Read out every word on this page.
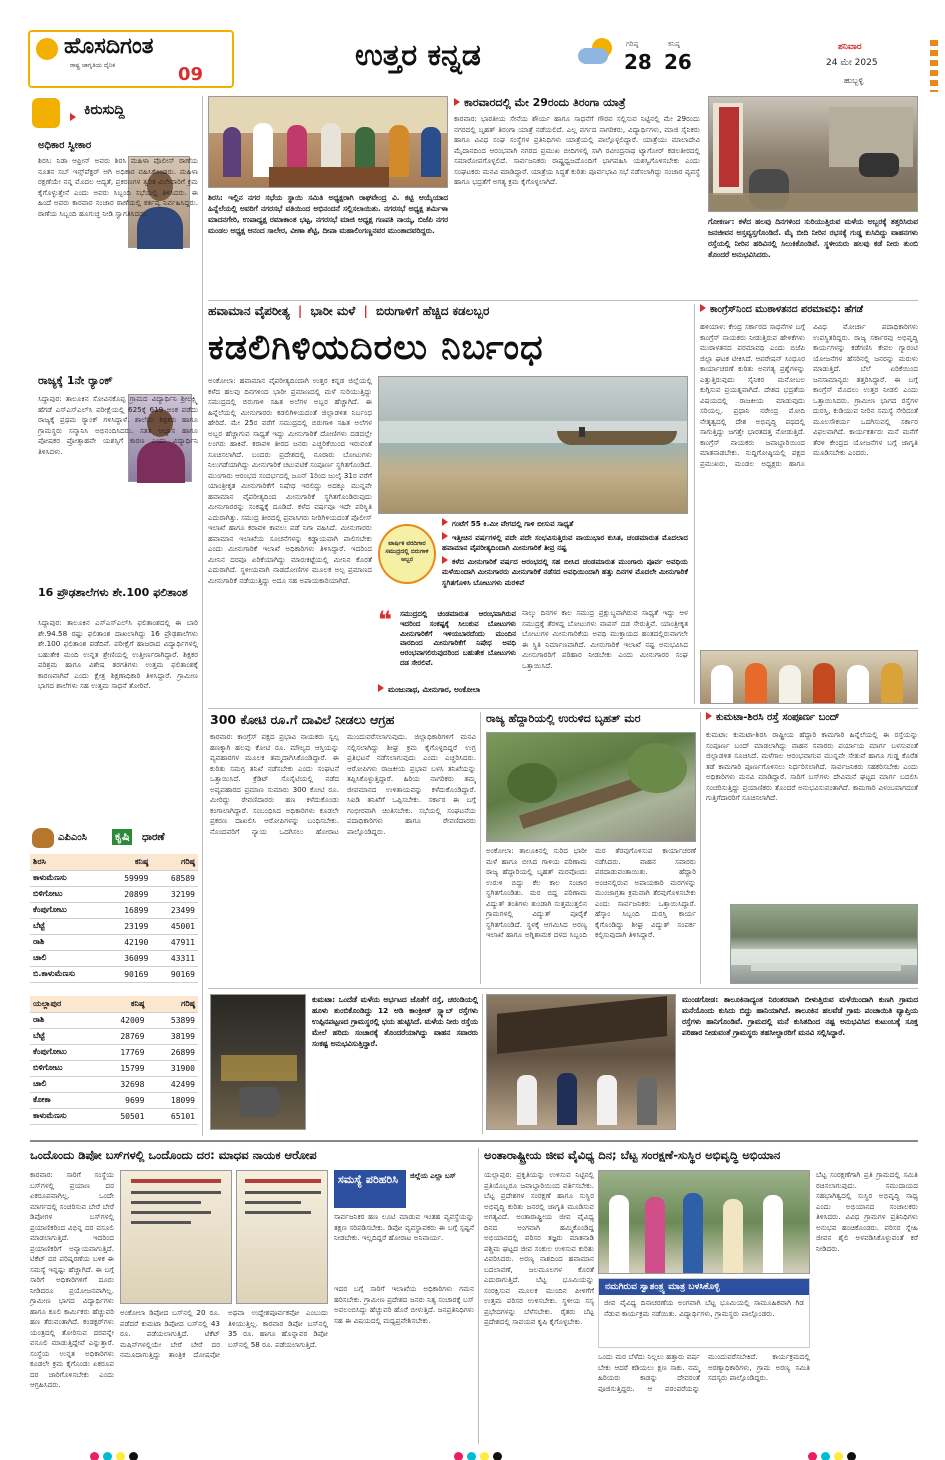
ಹೊಸದಿಗಂತ
ರಾಷ್ಟ್ರ ಜಾಗೃತಿಯ ದೈನಿಕ	09
ಉತ್ತರ ಕನ್ನಡ	ಗರಿಷ್ಠ
28
ಕನಿಷ್ಠ
26
ಶನಿವಾರ
24 ಮೇ 2025
ಹುಬ್ಬಳ್ಳಿ
ಕಿರುಸುದ್ದಿ
ಅಧಿಕಾರ ಸ್ವೀಕಾರ
ಶಿರಸಿ: ನಿಡಾ ಆಫ್ರೀನ್ ಅವರು ಶಿರಸಿ ಮಹಿಳಾ ಪೊಲೀಸ್ ಠಾಣೆಯ ನೂತನ ಸಬ್ ಇನ್ಸ್‌ಪೆಕ್ಟರ್ ಆಗಿ ಅಧಿಕಾರ ವಹಿಸಿಕೊಂಡರು. ಮಹಿಳಾ ರಕ್ಷಣೆಯೇ ನನ್ನ ಮೊದಲ ಆದ್ಯತೆ, ಪ್ರಕರಣಗಳ ತ್ವರಿತ ವಿಲೇವಾರಿಗೆ ಕ್ರಮ ಕೈಗೊಳ್ಳುತ್ತೇನೆ ಎಂದು ಅವರು ಸಿಬ್ಬಂದಿ ಸಭೆಯಲ್ಲಿ ತಿಳಿಸಿದರು. ಈ ಹಿಂದೆ ಅವರು ಕಾರವಾರ ಸಂಚಾರ ಠಾಣೆಯಲ್ಲಿ ಕರ್ತವ್ಯ ನಿರ್ವಹಿಸಿದ್ದರು. ಠಾಣೆಯ ಸಿಬ್ಬಂದಿ ಹೂಗುಚ್ಛ ನೀಡಿ ಸ್ವಾಗತಿಸಿದರು.
ರಾಜ್ಯಕ್ಕೆ 1ನೇ ರ‍್ಯಾಂಕ್
ಸಿದ್ದಾಪುರ: ತಾಲೂಕಿನ ಸೋವಿನಕೊಪ್ಪ ಗ್ರಾಮದ ವಿದ್ಯಾರ್ಥಿನಿ ಶ್ರೀಲಕ್ಷ್ಮಿ ಹೆಗಡೆ ಎಸ್‌ಎಸ್‌ಎಲ್‌ಸಿ ಪರೀಕ್ಷೆಯಲ್ಲಿ 625ಕ್ಕೆ 619 ಅಂಕ ಪಡೆದು ರಾಜ್ಯಕ್ಕೆ ಪ್ರಥಮ ರ‍್ಯಾಂಕ್ ಗಳಿಸಿದ್ದಾಳೆ. ಶಾಲೆಯ ಶಿಕ್ಷಕರು ಹಾಗೂ ಗ್ರಾಮಸ್ಥರು ಸನ್ಮಾನಿಸಿ ಅಭಿನಂದಿಸಿದರು. ಸತತ ಅಭ್ಯಾಸ ಹಾಗೂ ಪೋಷಕರ ಪ್ರೋತ್ಸಾಹವೇ ಯಶಸ್ಸಿಗೆ ಕಾರಣ ಎಂದು ವಿದ್ಯಾರ್ಥಿನಿ ತಿಳಿಸಿದಳು.
16 ಪ್ರೌಢಶಾಲೆಗಳು ಶೇ.100 ಫಲಿತಾಂಶ
ಸಿದ್ದಾಪುರ: ತಾಲೂಕಿನ ಎಸ್‌ಎಸ್‌ಎಲ್‌ಸಿ ಫಲಿತಾಂಶದಲ್ಲಿ ಈ ಬಾರಿ ಶೇ.94.58 ರಷ್ಟು ಫಲಿತಾಂಶ ದಾಖಲಾಗಿದ್ದು 16 ಪ್ರೌಢಶಾಲೆಗಳು ಶೇ.100 ಫಲಿತಾಂಶ ಪಡೆದಿವೆ. ಪರೀಕ್ಷೆಗೆ ಹಾಜರಾದ ವಿದ್ಯಾರ್ಥಿಗಳಲ್ಲಿ ಬಹುತೇಕ ಮಂದಿ ಉನ್ನತ ಶ್ರೇಣಿಯಲ್ಲಿ ಉತ್ತೀರ್ಣರಾಗಿದ್ದಾರೆ. ಶಿಕ್ಷಕರ ಪರಿಶ್ರಮ ಹಾಗೂ ವಿಶೇಷ ತರಗತಿಗಳು ಉತ್ತಮ ಫಲಿತಾಂಶಕ್ಕೆ ಕಾರಣವಾಗಿವೆ ಎಂದು ಕ್ಷೇತ್ರ ಶಿಕ್ಷಣಾಧಿಕಾರಿ ತಿಳಿಸಿದ್ದಾರೆ. ಗ್ರಾಮೀಣ ಭಾಗದ ಶಾಲೆಗಳು ಸಹ ಉತ್ತಮ ಸಾಧನೆ ತೋರಿವೆ.
ಎಪಿಎಂಸಿ	ಕೃಷಿ	ಧಾರಣೆ
ಶಿರಸಿ	ಕನಿಷ್ಠ	ಗರಿಷ್ಠ
ಕಾಳುಮೆಣಸು	59999	68589
ಬಿಳಿಗೋಟು	20899	32199
ಕೆಂಪುಗೋಟು	16899	23499
ಬೆಟ್ಟೆ	23199	45001
ರಾಶಿ	42190	47911
ಚಾಲಿ	36099	43311
ಬಿ.ಕಾಳುಮೆಣಸು	90169	90169
ಯಲ್ಲಾಪುರ	ಕನಿಷ್ಠ	ಗರಿಷ್ಠ
ರಾಶಿ	42009	53899
ಬೆಟ್ಟೆ	28769	38199
ಕೆಂಪುಗೋಟು	17769	26899
ಬಿಳಿಗೋಟು	15799	31900
ಚಾಲಿ	32698	42499
ಕೋಕಾ	9699	18099
ಕಾಳುಮೆಣಸು	50501	65101
ಶಿರಸಿ: ಇಲ್ಲಿನ ನಗರ ಸಭೆಯ ಸ್ಥಾಯಿ ಸಮಿತಿ ಅಧ್ಯಕ್ಷರಾಗಿ ರಾಘವೇಂದ್ರ ವಿ. ಕಟ್ಟಿ ಆಯ್ಕೆಯಾದ ಹಿನ್ನೆಲೆಯಲ್ಲಿ ಅವರಿಗೆ ನಗರಸಭೆ ವತಿಯಿಂದ ಅಭಿನಂದನೆ ಸಲ್ಲಿಸಲಾಯಿತು. ನಗರಸಭೆ ಅಧ್ಯಕ್ಷ ಶರ್ಮಿಳಾ ಮಾದನಗೇರಿ, ಉಪಾಧ್ಯಕ್ಷ ರಮಾಕಾಂತ ಭಟ್ಟ, ನಗರಸಭೆ ಮಾಜಿ ಅಧ್ಯಕ್ಷ ಗಣಪತಿ ನಾಯ್ಕ, ಬಿಜೆಪಿ ನಗರ ಮಂಡಲ ಅಧ್ಯಕ್ಷ ಆನಂದ ಸಾಲೇರ, ವೀಣಾ ಶೆಟ್ಟಿ, ದೀಪಾ ಮಹಾಲಿಂಗಣ್ಣನವರ ಮುಂತಾದವರಿದ್ದರು.
ಕಾರವಾರದಲ್ಲಿ ಮೇ 29ರಂದು ತಿರಂಗಾ ಯಾತ್ರೆ
ಕಾರವಾರ: ಭಾರತೀಯ ಸೇನೆಯ ಶೌರ್ಯ ಹಾಗೂ ಸಾಧನೆಗೆ ಗೌರವ ಸಲ್ಲಿಸುವ ನಿಟ್ಟಿನಲ್ಲಿ ಮೇ 29ರಂದು ನಗರದಲ್ಲಿ ಬೃಹತ್ ತಿರಂಗಾ ಯಾತ್ರೆ ನಡೆಯಲಿದೆ. ಎಲ್ಲ ವರ್ಗದ ನಾಗರಿಕರು, ವಿದ್ಯಾರ್ಥಿಗಳು, ಮಾಜಿ ಸೈನಿಕರು ಹಾಗೂ ವಿವಿಧ ಸಂಘ ಸಂಸ್ಥೆಗಳ ಪ್ರತಿನಿಧಿಗಳು ಯಾತ್ರೆಯಲ್ಲಿ ಪಾಲ್ಗೊಳ್ಳಲಿದ್ದಾರೆ. ಯಾತ್ರೆಯು ಮಾಲಾದೇವಿ ಮೈದಾನದಿಂದ ಆರಂಭವಾಗಿ ನಗರದ ಪ್ರಮುಖ ಬೀದಿಗಳಲ್ಲಿ ಸಾಗಿ ರವೀಂದ್ರನಾಥ ಟ್ಯಾಗೋರ್ ಕಡಲತೀರದಲ್ಲಿ ಸಮಾರೋಪಗೊಳ್ಳಲಿದೆ. ಸಾರ್ವಜನಿಕರು ರಾಷ್ಟ್ರಧ್ವಜದೊಂದಿಗೆ ಭಾಗವಹಿಸಿ ಯಶಸ್ವಿಗೊಳಿಸಬೇಕು ಎಂದು ಸಂಘಟಕರು ಮನವಿ ಮಾಡಿದ್ದಾರೆ. ಯಾತ್ರೆಯ ಸಿದ್ಧತೆ ಕುರಿತು ಪೂರ್ವಭಾವಿ ಸಭೆ ನಡೆಸಲಾಗಿದ್ದು ಸಂಚಾರ ವ್ಯವಸ್ಥೆ ಹಾಗೂ ಭದ್ರತೆಗೆ ಅಗತ್ಯ ಕ್ರಮ ಕೈಗೊಳ್ಳಲಾಗಿದೆ.
ಗೋಕರ್ಣ: ಕಳೆದ ಹಲವು ದಿನಗಳಿಂದ ಸುರಿಯುತ್ತಿರುವ ಮಳೆಯ ಅಬ್ಬರಕ್ಕೆ ತತ್ತರಿಸಿರುವ ಜನಜೀವನ ಅಸ್ತವ್ಯಸ್ತಗೊಂಡಿದೆ. ಮೈ ಬೀದಿ ನೀರಿನ ರಭಸಕ್ಕೆ ಗುಡ್ಡ ಕುಸಿದಿದ್ದು ವಾಹನಗಳು ರಸ್ತೆಯಲ್ಲಿ ನೀರಿನ ಹರಿವಿನಲ್ಲಿ ಸಿಲುಕಿಕೊಂಡಿವೆ. ಸ್ಥಳೀಯರು ಹಲವು ಕಡೆ ನೀರು ತುಂಬಿ ತೊಂದರೆ ಅನುಭವಿಸಿದರು.
ಹವಾಮಾನ ವೈಪರೀತ್ಯ | ಭಾರೀ ಮಳೆ | ಬಿರುಗಾಳಿಗೆ ಹೆಚ್ಚಿದ ಕಡಲಬ್ಬರ
ಕಡಲಿಗಿಳಿಯದಿರಲು ನಿರ್ಬಂಧ
ಅಂಕೋಲಾ: ಹವಾಮಾನ ವೈಪರೀತ್ಯದಿಂದಾಗಿ ಉತ್ತರ ಕನ್ನಡ ಜಿಲ್ಲೆಯಲ್ಲಿ ಕಳೆದ ಹಲವು ದಿನಗಳಿಂದ ಭಾರೀ ಪ್ರಮಾಣದಲ್ಲಿ ಮಳೆ ಸುರಿಯುತ್ತಿದ್ದು ಸಮುದ್ರದಲ್ಲಿ ಬಿರುಗಾಳಿ ಸಹಿತ ಅಲೆಗಳ ಅಬ್ಬರ ಹೆಚ್ಚಾಗಿದೆ. ಈ ಹಿನ್ನೆಲೆಯಲ್ಲಿ ಮೀನುಗಾರರು ಕಡಲಿಗಿಳಿಯದಂತೆ ಜಿಲ್ಲಾಡಳಿತ ನಿರ್ಬಂಧ ಹೇರಿದೆ. ಮೇ 25ರ ವರೆಗೆ ಸಮುದ್ರದಲ್ಲಿ ಬಿರುಗಾಳಿ ಸಹಿತ ಅಲೆಗಳ ಅಬ್ಬರ ಹೆಚ್ಚಾಗುವ ಸಾಧ್ಯತೆ ಇದ್ದು ಮೀನುಗಾರಿಕೆ ದೋಣಿಗಳು ದಡದಲ್ಲೇ ಲಂಗರು ಹಾಕಿವೆ. ಕರಾವಳಿ ತೀರದ ಜನರು ಎಚ್ಚರಿಕೆಯಿಂದ ಇರುವಂತೆ ಸೂಚಿಸಲಾಗಿದೆ. ಬಂದರು ಪ್ರದೇಶದಲ್ಲಿ ನೂರಾರು ಬೋಟುಗಳು ನಿಲುಗಡೆಯಾಗಿದ್ದು ಮೀನುಗಾರಿಕೆ ಚಟುವಟಿಕೆ ಸಂಪೂರ್ಣ ಸ್ಥಗಿತಗೊಂಡಿದೆ. ಮುಂಗಾರು ಆರಂಭದ ಸಂದರ್ಭದಲ್ಲಿ ಜೂನ್ 1ರಿಂದ ಜುಲೈ 31ರ ವರೆಗೆ ಯಾಂತ್ರೀಕೃತ ಮೀನುಗಾರಿಕೆಗೆ ನಿಷೇಧ ಇರಲಿದ್ದು ಅದಕ್ಕೂ ಮುನ್ನವೇ ಹವಾಮಾನ ವೈಪರೀತ್ಯದಿಂದ ಮೀನುಗಾರಿಕೆ ಸ್ಥಗಿತಗೊಂಡಿರುವುದು ಮೀನುಗಾರರನ್ನು ಸಂಕಷ್ಟಕ್ಕೆ ದೂಡಿದೆ. ಕಳೆದ ವರ್ಷವೂ ಇದೇ ಪರಿಸ್ಥಿತಿ ಎದುರಾಗಿತ್ತು. ಸಮುದ್ರ ತೀರದಲ್ಲಿ ಪ್ರವಾಸಿಗರು ನೀರಿಗಿಳಿಯದಂತೆ ಪೊಲೀಸ್ ಇಲಾಖೆ ಹಾಗೂ ಕರಾವಳಿ ಕಾವಲು ಪಡೆ ನಿಗಾ ವಹಿಸಿದೆ. ಮೀನುಗಾರರು ಹವಾಮಾನ ಇಲಾಖೆಯ ಸೂಚನೆಗಳನ್ನು ಕಡ್ಡಾಯವಾಗಿ ಪಾಲಿಸಬೇಕು ಎಂದು ಮೀನುಗಾರಿಕೆ ಇಲಾಖೆ ಅಧಿಕಾರಿಗಳು ತಿಳಿಸಿದ್ದಾರೆ. ಇದರಿಂದ ಮೀನಿನ ದರವೂ ಏರಿಕೆಯಾಗಿದ್ದು ಮಾರುಕಟ್ಟೆಯಲ್ಲಿ ಮೀನಿನ ಕೊರತೆ ಎದುರಾಗಿದೆ. ಸ್ಥಳೀಯವಾಗಿ ನಾಡದೋಣಿಗಳ ಮೂಲಕ ಅಲ್ಪ ಪ್ರಮಾಣದ ಮೀನುಗಾರಿಕೆ ನಡೆಯುತ್ತಿದ್ದು ಅದೂ ಸಹ ಅಪಾಯಕಾರಿಯಾಗಿದೆ.
ವಾರ್ಷಿಕ ವರದಿಗಾರ ಸಮುದ್ರದಲ್ಲಿ ಬಿರುಗಾಳಿ ಅಬ್ಬರ
ಗಂಟೆಗೆ 55 ಕಿ.ಮೀ ವೇಗದಲ್ಲಿ ಗಾಳಿ ಬೀಸುವ ಸಾಧ್ಯತೆ
ಇತ್ತೀಚಿನ ವರ್ಷಗಳಲ್ಲಿ ಪದೇ ಪದೇ ಸಂಭವಿಸುತ್ತಿರುವ ವಾಯುಭಾರ ಕುಸಿತ, ಚಂಡಮಾರುತ ಮೊದಲಾದ ಹವಾಮಾನ ವೈಪರೀತ್ಯದಿಂದಾಗಿ ಮೀನುಗಾರಿಕೆ ತೀವ್ರ ನಷ್ಟ
ಕಳೆದ ಮೀನುಗಾರಿಕೆ ವರ್ಷದ ಆರಂಭದಲ್ಲಿ ಸಹ ಬೀಸಿದ ಚಂಡಮಾರುತ ಮುಂಗಾರು ಪೂರ್ವ ಅವಧಿಯ ಮಳೆಯಿಂದಾಗಿ ಮೀನುಗಾರರು ಮೀನುಗಾರಿಕೆ ನಡೆಸದ ಅವಧಿಯಿಂದಾಗಿ ಹತ್ತು ದಿನಗಳ ಮೊದಲೇ ಮೀನುಗಾರಿಕೆ ಸ್ಥಗಿತಗೊಳಿಸಿ ಬೋಟುಗಳು ಮರಳಿವೆ
❝ ಸಮುದ್ರದಲ್ಲಿ ಚಂಡಮಾರುತ ಆರಂಭವಾಗಿರುವ ಇದರಿಂದ ಸಂಕಷ್ಟಕ್ಕೆ ಸಿಲುಕುವ ಬೋಟುಗಳು ಮೀನುಗಾರಿಕೆಗೆ ಇಳಿಯಬಾರದೆಂದು ಮುಂದಿನ ವಾರದಿಂದ ಮೀನುಗಾರಿಕೆಗೆ ನಿಷೇಧ ಅವಧಿ ಆರಂಭವಾಗಲಿರುವುದರಿಂದ ಬಹುತೇಕ ಬೋಟುಗಳು ದಡ ಸೇರಲಿವೆ.
ಮಂಜುನಾಥ, ಮೀನುಗಾರ, ಅಂಕೋಲಾ
ನಾಲ್ಕು ದಿನಗಳ ಕಾಲ ಸಮುದ್ರ ಪ್ರಕ್ಷುಬ್ಧವಾಗಿರುವ ಸಾಧ್ಯತೆ ಇದ್ದು ಆಳ ಸಮುದ್ರಕ್ಕೆ ತೆರಳಿದ್ದ ಬೋಟುಗಳು ವಾಪಸ್ ದಡ ಸೇರುತ್ತಿವೆ. ಯಾಂತ್ರೀಕೃತ ಬೋಟುಗಳ ಮೀನುಗಾರಿಕೆಯ ಅವಧಿ ಮುಕ್ತಾಯದ ಹಂತದಲ್ಲಿರುವಾಗಲೇ ಈ ಸ್ಥಿತಿ ನಿರ್ಮಾಣವಾಗಿದೆ. ಮೀನುಗಾರಿಕೆ ಇಲಾಖೆ ನಷ್ಟ ಅನುಭವಿಸಿದ ಮೀನುಗಾರರಿಗೆ ಪರಿಹಾರ ನೀಡಬೇಕು ಎಂದು ಮೀನುಗಾರರ ಸಂಘ ಒತ್ತಾಯಿಸಿದೆ.
ಕಾಂಗ್ರೆಸ್‌ನಿಂದ ಮುಠಾಳತನದ ಪರಮಾವಧಿ: ಹೆಗಡೆ
ಹಳಿಯಾಳ: ಕೇಂದ್ರ ಸರ್ಕಾರದ ಸಾಧನೆಗಳ ಬಗ್ಗೆ ಕಾಂಗ್ರೆಸ್ ನಾಯಕರು ನೀಡುತ್ತಿರುವ ಹೇಳಿಕೆಗಳು ಮುಠಾಳತನದ ಪರಮಾವಧಿ ಎಂದು ಬಿಜೆಪಿ ಜಿಲ್ಲಾ ಘಟಕ ಟೀಕಿಸಿದೆ. ಆಪರೇಷನ್ ಸಿಂಧೂರ ಕಾರ್ಯಾಚರಣೆ ಕುರಿತು ಅನಗತ್ಯ ಪ್ರಶ್ನೆಗಳನ್ನು ಎತ್ತುತ್ತಿರುವುದು ಸೈನಿಕರ ಮನೋಬಲ ಕುಗ್ಗಿಸುವ ಪ್ರಯತ್ನವಾಗಿದೆ. ದೇಶದ ಭದ್ರತೆಯ ವಿಷಯದಲ್ಲಿ ರಾಜಕೀಯ ಮಾಡುವುದು ಸರಿಯಲ್ಲ. ಪ್ರಧಾನಿ ನರೇಂದ್ರ ಮೋದಿ ನೇತೃತ್ವದಲ್ಲಿ ದೇಶ ಅಭಿವೃದ್ಧಿ ಪಥದಲ್ಲಿ ಸಾಗುತ್ತಿದ್ದು ಜಗತ್ತೇ ಭಾರತದತ್ತ ನೋಡುತ್ತಿದೆ. ಕಾಂಗ್ರೆಸ್ ನಾಯಕರು ಜವಾಬ್ದಾರಿಯಿಂದ ಮಾತನಾಡಬೇಕು. ಸುದ್ದಿಗೋಷ್ಠಿಯಲ್ಲಿ ಪಕ್ಷದ ಪ್ರಮುಖರು, ಮಂಡಲ ಅಧ್ಯಕ್ಷರು ಹಾಗೂ ವಿವಿಧ ಮೋರ್ಚಾ ಪದಾಧಿಕಾರಿಗಳು ಉಪಸ್ಥಿತರಿದ್ದರು. ರಾಜ್ಯ ಸರ್ಕಾರವು ಅಭಿವೃದ್ಧಿ ಕಾರ್ಯಗಳನ್ನು ಕಡೆಗಣಿಸಿ ಕೇವಲ ಗ್ಯಾರಂಟಿ ಯೋಜನೆಗಳ ಹೆಸರಿನಲ್ಲಿ ಜನರನ್ನು ಮರುಳು ಮಾಡುತ್ತಿದೆ. ಬೆಲೆ ಏರಿಕೆಯಿಂದ ಜನಸಾಮಾನ್ಯರು ತತ್ತರಿಸಿದ್ದಾರೆ. ಈ ಬಗ್ಗೆ ಕಾಂಗ್ರೆಸ್ ಮೊದಲು ಉತ್ತರ ನೀಡಲಿ ಎಂದು ಒತ್ತಾಯಿಸಿದರು. ಗ್ರಾಮೀಣ ಭಾಗದ ರಸ್ತೆಗಳ ದುರಸ್ತಿ, ಕುಡಿಯುವ ನೀರಿನ ಸಮಸ್ಯೆ ಸೇರಿದಂತೆ ಮೂಲಸೌಕರ್ಯ ಒದಗಿಸುವಲ್ಲಿ ಸರ್ಕಾರ ವಿಫಲವಾಗಿದೆ. ಕಾರ್ಯಕರ್ತರು ಮನೆ ಮನೆಗೆ ತೆರಳಿ ಕೇಂದ್ರದ ಯೋಜನೆಗಳ ಬಗ್ಗೆ ಜಾಗೃತಿ ಮೂಡಿಸಬೇಕು ಎಂದರು.
300 ಕೋಟಿ ರೂ.ಗೆ ದಾವಿಲೆ ನೀಡಲು ಆಗ್ರಹ
ಕಾರವಾರ: ಕಾಂಗ್ರೆಸ್ ಪಕ್ಷದ ಪ್ರಭಾವಿ ನಾಯಕರು ಸ್ವಲ್ಪ ಹಣಕ್ಕಾಗಿ ಹಲವು ಕೋಟಿ ರೂ. ಮೌಲ್ಯದ ಆಸ್ತಿಯನ್ನು ವ್ಯವಹಾರಗಳ ಮೂಲಕ ತಮ್ಮದಾಗಿಸಿಕೊಂಡಿದ್ದಾರೆ. ಈ ಕುರಿತು ಸಮಗ್ರ ತನಿಖೆ ನಡೆಸಬೇಕು ಎಂದು ಸಂಘಟನೆ ಒತ್ತಾಯಿಸಿದೆ. ಕ್ರೆಡಿಟ್ ಸೊಸೈಟಿಯಲ್ಲಿ ನಡೆದ ಅವ್ಯವಹಾರದ ಪ್ರಮಾಣ ಸುಮಾರು 300 ಕೋಟಿ ರೂ. ಮೀರಿದ್ದು ಠೇವಣಿದಾರರು ಹಣ ಕಳೆದುಕೊಂಡು ಕಂಗಾಲಾಗಿದ್ದಾರೆ. ಸಂಬಂಧಿಸಿದ ಅಧಿಕಾರಿಗಳು ಕೂಡಲೇ ಪ್ರಕರಣ ದಾಖಲಿಸಿ ಆರೋಪಿಗಳನ್ನು ಬಂಧಿಸಬೇಕು. ನೊಂದವರಿಗೆ ನ್ಯಾಯ ಒದಗಿಸಲು ಹೋರಾಟ ಮುಂದುವರೆಸಲಾಗುವುದು. ಜಿಲ್ಲಾಧಿಕಾರಿಗಳಿಗೆ ಮನವಿ ಸಲ್ಲಿಸಲಾಗಿದ್ದು ಶೀಘ್ರ ಕ್ರಮ ಕೈಗೊಳ್ಳದಿದ್ದರೆ ಉಗ್ರ ಪ್ರತಿಭಟನೆ ನಡೆಸಲಾಗುವುದು ಎಂದು ಎಚ್ಚರಿಸಿದರು. ಆರೋಪಿಗಳು ರಾಜಕೀಯ ಪ್ರಭಾವ ಬಳಸಿ ತನಿಖೆಯನ್ನು ತಪ್ಪಿಸಿಕೊಳ್ಳುತ್ತಿದ್ದಾರೆ. ಹಿರಿಯ ನಾಗರಿಕರು ತಮ್ಮ ಜೀವಮಾನದ ಉಳಿತಾಯವನ್ನು ಕಳೆದುಕೊಂಡಿದ್ದಾರೆ. ಸಿಐಡಿ ತನಿಖೆಗೆ ಒಪ್ಪಿಸಬೇಕು. ಸರ್ಕಾರ ಈ ಬಗ್ಗೆ ಗಂಭೀರವಾಗಿ ಚಿಂತಿಸಬೇಕು. ಸಭೆಯಲ್ಲಿ ಸಂಘಟನೆಯ ಪದಾಧಿಕಾರಿಗಳು ಹಾಗೂ ಠೇವಣಿದಾರರು ಪಾಲ್ಗೊಂಡಿದ್ದರು.
ರಾಜ್ಯ ಹೆದ್ದಾರಿಯಲ್ಲಿ ಉರುಳಿದ ಬೃಹತ್ ಮರ
ಅಂಕೋಲಾ: ತಾಲೂಕಿನಲ್ಲಿ ಸುರಿದ ಭಾರೀ ಮಳೆ ಹಾಗೂ ಬೀಸಿದ ಗಾಳಿಯ ಪರಿಣಾಮ ರಾಜ್ಯ ಹೆದ್ದಾರಿಯಲ್ಲಿ ಬೃಹತ್ ಮರವೊಂದು ಉರುಳಿ ಬಿದ್ದು ಕೆಲ ಕಾಲ ಸಂಚಾರ ಸ್ಥಗಿತಗೊಂಡಿತು. ಮರ ಬಿದ್ದ ಪರಿಣಾಮ ವಿದ್ಯುತ್ ತಂತಿಗಳು ತುಂಡಾಗಿ ಸುತ್ತಮುತ್ತಲಿನ ಗ್ರಾಮಗಳಲ್ಲಿ ವಿದ್ಯುತ್ ಪೂರೈಕೆ ಸ್ಥಗಿತಗೊಂಡಿದೆ. ಸ್ಥಳಕ್ಕೆ ಆಗಮಿಸಿದ ಅರಣ್ಯ ಇಲಾಖೆ ಹಾಗೂ ಅಗ್ನಿಶಾಮಕ ದಳದ ಸಿಬ್ಬಂದಿ ಮರ ತೆರವುಗೊಳಿಸುವ ಕಾರ್ಯಾಚರಣೆ ನಡೆಸಿದರು. ವಾಹನ ಸವಾರರು ಪರದಾಡುವಂತಾಯಿತು. ಹೆದ್ದಾರಿ ಅಂಚಿನಲ್ಲಿರುವ ಅಪಾಯಕಾರಿ ಮರಗಳನ್ನು ಮುಂಜಾಗ್ರತಾ ಕ್ರಮವಾಗಿ ತೆರವುಗೊಳಿಸಬೇಕು ಎಂದು ಸಾರ್ವಜನಿಕರು ಒತ್ತಾಯಿಸಿದ್ದಾರೆ. ಹೆಸ್ಕಾಂ ಸಿಬ್ಬಂದಿ ದುರಸ್ತಿ ಕಾರ್ಯ ಕೈಗೊಂಡಿದ್ದು ಶೀಘ್ರ ವಿದ್ಯುತ್ ಸಂಪರ್ಕ ಕಲ್ಪಿಸುವುದಾಗಿ ತಿಳಿಸಿದ್ದಾರೆ.
ಕುಮಟಾ-ಶಿರಸಿ ರಸ್ತೆ ಸಂಪೂರ್ಣ ಬಂದ್
ಕುಮಟಾ: ಕುಮಟಾ-ಶಿರಸಿ ರಾಷ್ಟ್ರೀಯ ಹೆದ್ದಾರಿ ಕಾಮಗಾರಿ ಹಿನ್ನೆಲೆಯಲ್ಲಿ ಈ ರಸ್ತೆಯನ್ನು ಸಂಪೂರ್ಣ ಬಂದ್ ಮಾಡಲಾಗಿದ್ದು ವಾಹನ ಸವಾರರು ಪರ್ಯಾಯ ಮಾರ್ಗ ಬಳಸುವಂತೆ ಜಿಲ್ಲಾಡಳಿತ ಸೂಚಿಸಿದೆ. ಮಳೆಗಾಲ ಆರಂಭವಾಗುವ ಮುನ್ನವೇ ಸೇತುವೆ ಹಾಗೂ ಗುಡ್ಡ ಕೊರೆತ ತಡೆ ಕಾಮಗಾರಿ ಪೂರ್ಣಗೊಳಿಸಲು ನಿರ್ಧರಿಸಲಾಗಿದೆ. ಸಾರ್ವಜನಿಕರು ಸಹಕರಿಸಬೇಕು ಎಂದು ಅಧಿಕಾರಿಗಳು ಮನವಿ ಮಾಡಿದ್ದಾರೆ. ಸಾರಿಗೆ ಬಸ್‌ಗಳು ದೇವಿಮನೆ ಘಟ್ಟದ ಮಾರ್ಗ ಬದಲಿಸಿ ಸಂಚರಿಸುತ್ತಿದ್ದು ಪ್ರಯಾಣಿಕರು ತೊಂದರೆ ಅನುಭವಿಸುವಂತಾಗಿದೆ. ಕಾಮಗಾರಿ ವಿಳಂಬವಾಗದಂತೆ ಗುತ್ತಿಗೆದಾರರಿಗೆ ಸೂಚಿಸಲಾಗಿದೆ.
ಕುಮಟಾ: ಒಂದೆಡೆ ಮಳೆಯ ಅರ್ಭಟದ ಜೊತೆಗೆ ರಸ್ತೆ, ಚರಂಡಿಯಲ್ಲಿ ಹೂಳು ತುಂಬಿಕೊಂಡಿದ್ದು 12 ಅಡಿ ಕಾಂಕ್ರೀಟ್ ಸ್ಲ್ಯಾಬ್ ರಸ್ತೆಗಳು ಉಪ್ಪಿನಪಟ್ಟಣದ ಗ್ರಾಮಸ್ಥರಲ್ಲಿ ಭಯ ಹುಟ್ಟಿಸಿದೆ. ಮಳೆಯ ನೀರು ರಸ್ತೆಯ ಮೇಲೆ ಹರಿದು ಸಂಚಾರಕ್ಕೆ ತೊಂದರೆಯಾಗಿದ್ದು ವಾಹನ ಸವಾರರು ಸಂಕಷ್ಟ ಅನುಭವಿಸುತ್ತಿದ್ದಾರೆ.
ಮುಂಡಗೋಡ: ತಾಲೂಕಿನಾದ್ಯಂತ ನಿರಂತರವಾಗಿ ಬೀಳುತ್ತಿರುವ ಮಳೆಯಿಂದಾಗಿ ಕುಣಗಿ ಗ್ರಾಮದ ಮನೆಯೊಂದು ಕುಸಿದು ಬಿದ್ದು ಹಾನಿಯಾಗಿದೆ. ತಾಲೂಕಿನ ಹಲವೆಡೆ ಗ್ರಾಮ ಪಂಚಾಯಿತಿ ವ್ಯಾಪ್ತಿಯ ರಸ್ತೆಗಳು ಹಾನಿಗೊಂಡಿವೆ. ಗ್ರಾಮದಲ್ಲಿ ಮನೆ ಕುಸಿತದಿಂದ ನಷ್ಟ ಅನುಭವಿಸಿದ ಕುಟುಂಬಕ್ಕೆ ಸೂಕ್ತ ಪರಿಹಾರ ನೀಡುವಂತೆ ಗ್ರಾಮಸ್ಥರು ತಹಸೀಲ್ದಾರರಿಗೆ ಮನವಿ ಸಲ್ಲಿಸಿದ್ದಾರೆ.
ಒಂದೊಂದು ಡಿಪೋ ಬಸ್‌ಗಳಲ್ಲಿ ಒಂದೊಂದು ದರ: ಮಾಧವ ನಾಯಕ ಆರೋಪ
ಕಾರವಾರ: ಸಾರಿಗೆ ಸಂಸ್ಥೆಯ ಬಸ್‌ಗಳಲ್ಲಿ ಪ್ರಯಾಣ ದರ ಏಕರೂಪವಾಗಿಲ್ಲ. ಒಂದೇ ಮಾರ್ಗದಲ್ಲಿ ಸಂಚರಿಸುವ ಬೇರೆ ಬೇರೆ ಡಿಪೋಗಳ ಬಸ್‌ಗಳಲ್ಲಿ ಪ್ರಯಾಣಿಕರಿಂದ ವಿಭಿನ್ನ ದರ ವಸೂಲಿ ಮಾಡಲಾಗುತ್ತಿದೆ. ಇದರಿಂದ ಪ್ರಯಾಣಿಕರಿಗೆ ಅನ್ಯಾಯವಾಗುತ್ತಿದೆ. ಟಿಕೆಟ್ ದರ ಪರಿಷ್ಕರಣೆಯ ಬಳಿಕ ಈ ಸಮಸ್ಯೆ ಇನ್ನಷ್ಟು ಹೆಚ್ಚಾಗಿದೆ. ಈ ಬಗ್ಗೆ ಸಾರಿಗೆ ಅಧಿಕಾರಿಗಳಿಗೆ ದೂರು ನೀಡಿದರೂ ಪ್ರಯೋಜನವಾಗಿಲ್ಲ. ಗ್ರಾಮೀಣ ಭಾಗದ ವಿದ್ಯಾರ್ಥಿಗಳು ಹಾಗೂ ಕೂಲಿ ಕಾರ್ಮಿಕರು ಹೆಚ್ಚುವರಿ ಹಣ ತೆರುವಂತಾಗಿದೆ. ಕಂಡಕ್ಟರ್‌ಗಳು ಯಂತ್ರದಲ್ಲಿ ತೋರಿಸುವ ದರವನ್ನೇ ವಸೂಲಿ ಮಾಡುತ್ತಿದ್ದೇವೆ ಎನ್ನುತ್ತಾರೆ. ಸಂಸ್ಥೆಯ ಉನ್ನತ ಅಧಿಕಾರಿಗಳು ಕೂಡಲೇ ಕ್ರಮ ಕೈಗೊಂಡು ಏಕರೂಪ ದರ ಜಾರಿಗೊಳಿಸಬೇಕು ಎಂದು ಆಗ್ರಹಿಸಿದರು.
ಸಮಸ್ಯೆ ಪರಿಹರಿಸಿ	ಜಿಲ್ಲೆಯ ಎಲ್ಲಾ ಬಸ್
ಸಾರ್ವಜನಿಕರ ಹಣ ಲೂಟಿ ಮಾಡುವ ಇಂತಹ ವ್ಯವಸ್ಥೆಯನ್ನು ತಕ್ಷಣ ಸರಿಪಡಿಸಬೇಕು. ಡಿಪೋ ವ್ಯವಸ್ಥಾಪಕರು ಈ ಬಗ್ಗೆ ಸ್ಪಷ್ಟನೆ ನೀಡಬೇಕು. ಇಲ್ಲದಿದ್ದರೆ ಹೋರಾಟ ಅನಿವಾರ್ಯ.
ಅಂಕೋಲಾ ಡಿಪೋದ ಬಸ್‌ನಲ್ಲಿ 20 ರೂ. ಪಡೆದರೆ ಕುಮಟಾ ಡಿಪೋದ ಬಸ್‌ನಲ್ಲಿ 43 ರೂ. ಪಡೆಯಲಾಗುತ್ತಿದೆ. ಟಿಕೆಟ್ ಮಷಿನ್‌ಗಳಲ್ಲಿಯೇ ಬೇರೆ ಬೇರೆ ದರ ನಮೂದಾಗುತ್ತಿದ್ದು ತಾಂತ್ರಿಕ ದೋಷವೋ ಅಥವಾ ಉದ್ದೇಶಪೂರ್ವಕವೋ ಎಂಬುದು ತಿಳಿಯುತ್ತಿಲ್ಲ. ಕಾರವಾರ ಡಿಪೋ ಬಸ್‌ನಲ್ಲಿ 35 ರೂ. ಹಾಗೂ ಹೊನ್ನಾವರ ಡಿಪೋ ಬಸ್‌ನಲ್ಲಿ 58 ರೂ. ಪಡೆಯಲಾಗುತ್ತಿದೆ.
ಇದರ ಬಗ್ಗೆ ಸಾರಿಗೆ ಇಲಾಖೆಯ ಅಧಿಕಾರಿಗಳು ಗಮನ ಹರಿಸಬೇಕು. ಗ್ರಾಮೀಣ ಪ್ರದೇಶದ ಜನರು ನಿತ್ಯ ಸಂಚಾರಕ್ಕೆ ಬಸ್ ಅವಲಂಬಿಸಿದ್ದು ಹೆಚ್ಚುವರಿ ಹೊರೆ ಬೀಳುತ್ತಿದೆ. ಜನಪ್ರತಿನಿಧಿಗಳು ಸಹ ಈ ವಿಷಯದಲ್ಲಿ ಮಧ್ಯಪ್ರವೇಶಿಸಬೇಕು.
ಅಂತಾರಾಷ್ಟ್ರೀಯ ಜೀವ ವೈವಿಧ್ಯ ದಿನ; ಬೆಟ್ಟ ಸಂರಕ್ಷಣೆ-ಸುಸ್ಥಿರ ಅಭಿವೃದ್ಧಿ ಅಭಿಯಾನ
ಯಲ್ಲಾಪುರ: ಪ್ರಕೃತಿಯನ್ನು ಉಳಿಸುವ ನಿಟ್ಟಿನಲ್ಲಿ ಪ್ರತಿಯೊಬ್ಬರೂ ಜವಾಬ್ದಾರಿಯಿಂದ ವರ್ತಿಸಬೇಕು. ಬೆಟ್ಟ ಪ್ರದೇಶಗಳ ಸಂರಕ್ಷಣೆ ಹಾಗೂ ಸುಸ್ಥಿರ ಅಭಿವೃದ್ಧಿ ಕುರಿತು ಜನರಲ್ಲಿ ಜಾಗೃತಿ ಮೂಡಿಸುವ ಅಗತ್ಯವಿದೆ. ಅಂತಾರಾಷ್ಟ್ರೀಯ ಜೀವ ವೈವಿಧ್ಯ ದಿನದ ಅಂಗವಾಗಿ ಹಮ್ಮಿಕೊಂಡಿದ್ದ ಅಭಿಯಾನದಲ್ಲಿ ಪರಿಸರ ತಜ್ಞರು ಮಾತನಾಡಿ ಪಶ್ಚಿಮ ಘಟ್ಟದ ಜೀವ ಸಂಕುಲ ಉಳಿಸುವ ಕುರಿತು ವಿವರಿಸಿದರು. ಅರಣ್ಯ ನಾಶದಿಂದ ಹವಾಮಾನ ಬದಲಾವಣೆ, ಜಲಮೂಲಗಳ ಕೊರತೆ ಎದುರಾಗುತ್ತಿದೆ. ಬೆಟ್ಟ ಭೂಮಿಯನ್ನು ಸಂರಕ್ಷಿಸುವ ಮೂಲಕ ಮುಂದಿನ ಪೀಳಿಗೆಗೆ ಉತ್ತಮ ಪರಿಸರ ಉಳಿಸಬೇಕು. ಸ್ಥಳೀಯ ಸಸ್ಯ ಪ್ರಭೇದಗಳನ್ನು ಬೆಳೆಸಬೇಕು. ರೈತರು ಬೆಟ್ಟ ಪ್ರದೇಶದಲ್ಲಿ ಸಾವಯವ ಕೃಷಿ ಕೈಗೊಳ್ಳಬೇಕು.
ನಮಗಿರುವ ಸ್ವಾತಂತ್ರ್ಯ ಮಾತ್ರ ಬಳಸಿಕೊಳ್ಳಿ
ಜೀವ ವೈವಿಧ್ಯ ದಿನಾಚರಣೆಯ ಅಂಗವಾಗಿ ಬೆಟ್ಟ ಭೂಮಿಯಲ್ಲಿ ಸಾಮೂಹಿಕವಾಗಿ ಗಿಡ ನೆಡುವ ಕಾರ್ಯಕ್ರಮ ನಡೆಯಿತು. ವಿದ್ಯಾರ್ಥಿಗಳು, ಗ್ರಾಮಸ್ಥರು ಪಾಲ್ಗೊಂಡರು.
ಒಂದು ಮರ ಬೆಳೆದು ನಿಲ್ಲಲು ಹತ್ತಾರು ವರ್ಷ ಬೇಕು ಆದರೆ ಕಡಿಯಲು ಕ್ಷಣ ಸಾಕು. ನಮ್ಮ ಹಿರಿಯರು ಕಾಡನ್ನು ದೇವರಂತೆ ಪೂಜಿಸುತ್ತಿದ್ದರು. ಆ ಪರಂಪರೆಯನ್ನು ಮುಂದುವರೆಸಬೇಕಿದೆ. ಕಾರ್ಯಕ್ರಮದಲ್ಲಿ ಅರಣ್ಯಾಧಿಕಾರಿಗಳು, ಗ್ರಾಮ ಅರಣ್ಯ ಸಮಿತಿ ಸದಸ್ಯರು ಪಾಲ್ಗೊಂಡಿದ್ದರು.
ಬೆಟ್ಟ ಸಂರಕ್ಷಣೆಗಾಗಿ ಪ್ರತಿ ಗ್ರಾಮದಲ್ಲಿ ಸಮಿತಿ ರಚಿಸಲಾಗುವುದು. ಸಮುದಾಯದ ಸಹಭಾಗಿತ್ವದಲ್ಲಿ ಸುಸ್ಥಿರ ಅಭಿವೃದ್ಧಿ ಸಾಧ್ಯ ಎಂದು ಅಭಿಯಾನದ ಸಂಚಾಲಕರು ತಿಳಿಸಿದರು. ವಿವಿಧ ಗ್ರಾಮಗಳ ಪ್ರತಿನಿಧಿಗಳು ಅನುಭವ ಹಂಚಿಕೊಂಡರು. ಪರಿಸರ ಸ್ನೇಹಿ ಜೀವನ ಶೈಲಿ ಅಳವಡಿಸಿಕೊಳ್ಳುವಂತೆ ಕರೆ ನೀಡಿದರು.
